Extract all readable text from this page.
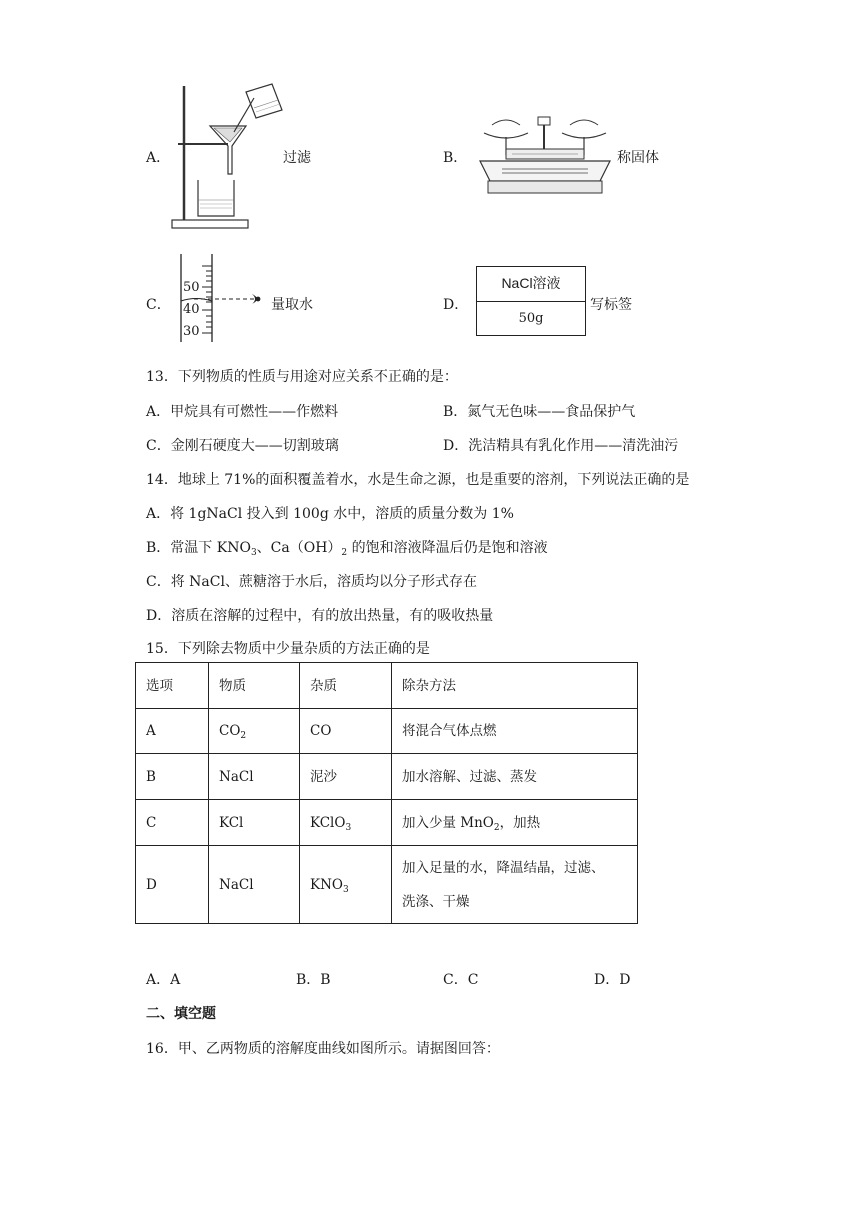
A．	过滤	B．	称固体
C．
50
40
30
量取水	D．
NaCl溶液
50g
写标签
13．下列物质的性质与用途对应关系不正确的是：
A．甲烷具有可燃性——作燃料	B．氮气无色味——食品保护气
C．金刚石硬度大——切割玻璃	D．洗洁精具有乳化作用——清洗油污
14．地球上 71%的面积覆盖着水，水是生命之源，也是重要的溶剂，下列说法正确的是
A．将 1gNaCl 投入到 100g 水中，溶质的质量分数为 1%
B．常温下 $KNO_3$、$Ca(OH)_2$ 的饱和溶液降温后仍是饱和溶液
C．将 NaCl、蔗糖溶于水后，溶质均以分子形式存在
D．溶质在溶解的过程中，有的放出热量，有的吸收热量
15．下列除去物质中少量杂质的方法正确的是
选项	物质	杂质	除杂方法
A	$CO_2$	CO	将混合气体点燃
B	NaCl	泥沙	加水溶解、过滤、蒸发
C	KCl	KClO$_3$	加入少量 MnO$_2$，加热
D	NaCl	$KNO_3$	加入足量的水，降温结晶，过滤、
洗涤、干燥
A．A	B．B	C．C	D．D
二、填空题
16．甲、乙两物质的溶解度曲线如图所示。请据图回答：
